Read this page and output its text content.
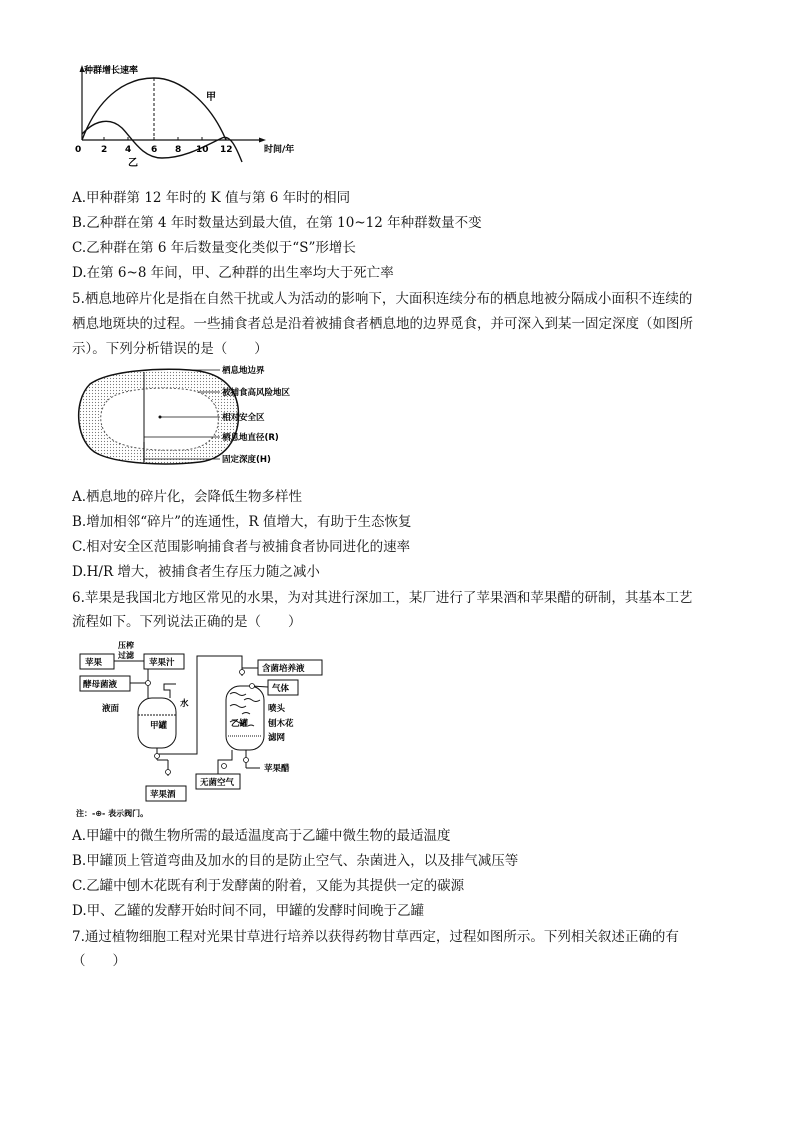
种群增长速率
时间/年
0 2 4 6 8 10 12
甲
乙
A.甲种群第 12 年时的 K 值与第 6 年时的相同
B.乙种群在第 4 年时数量达到最大值，在第 10~12 年种群数量不变
C.乙种群在第 6 年后数量变化类似于“S”形增长
D.在第 6~8 年间，甲、乙种群的出生率均大于死亡率
5.栖息地碎片化是指在自然干扰或人为活动的影响下，大面积连续分布的栖息地被分隔成小面积不连续的
栖息地斑块的过程。一些捕食者总是沿着被捕食者栖息地的边界觅食，并可深入到某一固定深度（如图所
示）。下列分析错误的是（　　）
栖息地边界
被捕食高风险地区
相对安全区
栖息地直径(R)
固定深度(H)
A.栖息地的碎片化，会降低生物多样性
B.增加相邻“碎片”的连通性，R 值增大，有助于生态恢复
C.相对安全区范围影响捕食者与被捕食者协同进化的速率
D.H/R 增大，被捕食者生存压力随之减小
6.苹果是我国北方地区常见的水果，为对其进行深加工，某厂进行了苹果酒和苹果醋的研制，其基本工艺
流程如下。下列说法正确的是（　　）
苹果
压榨
过滤
苹果汁
酵母菌液
水
液面
甲罐
含菌培养液
气体
喷头
乙罐 刨木花
滤网
苹果醋
无菌空气
苹果酒
注：-⊕- 表示阀门。
A.甲罐中的微生物所需的最适温度高于乙罐中微生物的最适温度
B.甲罐顶上管道弯曲及加水的目的是防止空气、杂菌进入，以及排气减压等
C.乙罐中刨木花既有利于发酵菌的附着，又能为其提供一定的碳源
D.甲、乙罐的发酵开始时间不同，甲罐的发酵时间晚于乙罐
7.通过植物细胞工程对光果甘草进行培养以获得药物甘草西定，过程如图所示。下列相关叙述正确的有
（　　）
